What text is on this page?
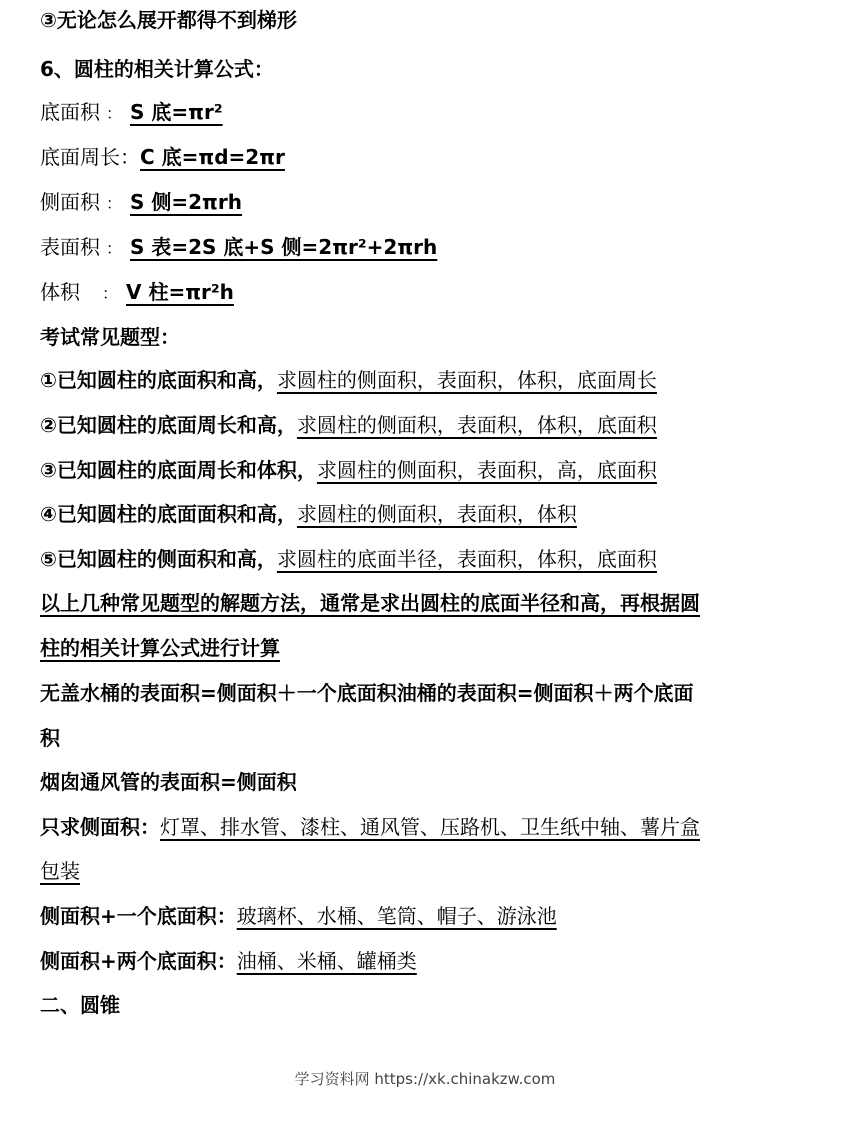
③无论怎么展开都得不到梯形
6、圆柱的相关计算公式：
底面积 ： S 底=πr²
底面周长：C 底=πd=2πr
侧面积 ： S 侧=2πrh
表面积 ： S 表=2S 底+S 侧=2πr²+2πrh
体积 ： V 柱=πr²h
考试常见题型：
①已知圆柱的底面积和高，求圆柱的侧面积，表面积，体积，底面周长
②已知圆柱的底面周长和高，求圆柱的侧面积，表面积，体积，底面积
③已知圆柱的底面周长和体积，求圆柱的侧面积，表面积，高，底面积
④已知圆柱的底面面积和高，求圆柱的侧面积，表面积，体积
⑤已知圆柱的侧面积和高，求圆柱的底面半径，表面积，体积，底面积
以上几种常见题型的解题方法，通常是求出圆柱的底面半径和高，再根据圆
柱的相关计算公式进行计算
无盖水桶的表面积=侧面积＋一个底面积油桶的表面积=侧面积＋两个底面
积
烟囱通风管的表面积=侧面积
只求侧面积：灯罩、排水管、漆柱、通风管、压路机、卫生纸中轴、薯片盒
包装
侧面积+一个底面积：玻璃杯、水桶、笔筒、帽子、游泳池
侧面积+两个底面积：油桶、米桶、罐桶类
二、圆锥
学习资料网 https://xk.chinakzw.com
